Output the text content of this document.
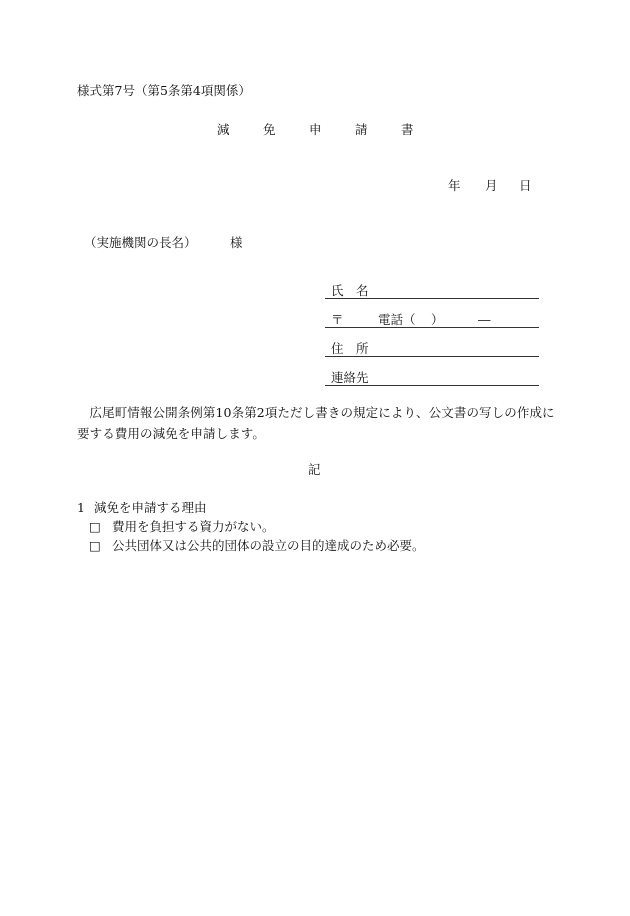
様式第7号（第5条第4項関係）
減	免	申	請	書
年 月 日
（実施機関の長名）	様
氏　名
〒	電話（ ）	―
住　所
連絡先
広尾町情報公開条例第10条第2項ただし書きの規定により、公文書の写しの作成に要する費用の減免を申請します。
記
1 減免を申請する理由
□ 費用を負担する資力がない。
□ 公共団体又は公共的団体の設立の目的達成のため必要。
